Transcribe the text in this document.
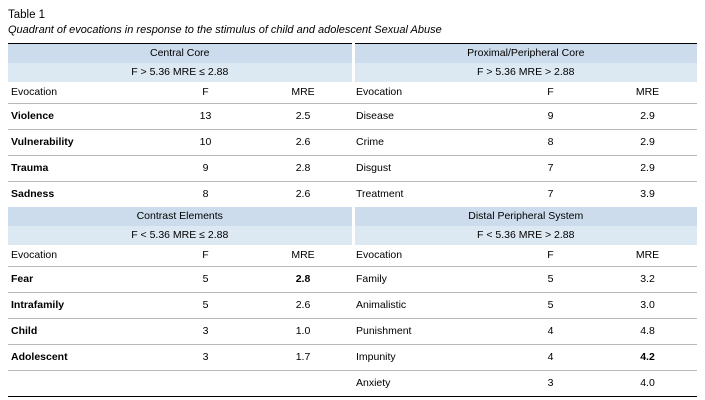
Table 1
Quadrant of evocations in response to the stimulus of child and adolescent Sexual Abuse
Central Core			Proximal/Peripheral Core		
F > 5.36 MRE ≤ 2.88			F > 5.36 MRE > 2.88		
Evocation	F	MRE	Evocation	F	MRE
Violence	13	2.5	Disease	9	2.9
Vulnerability	10	2.6	Crime	8	2.9
Trauma	9	2.8	Disgust	7	2.9
Sadness	8	2.6	Treatment	7	3.9
Contrast Elements			Distal Peripheral System		
F < 5.36 MRE ≤ 2.88			F < 5.36 MRE > 2.88		
Evocation	F	MRE	Evocation	F	MRE
Fear	5	2.8	Family	5	3.2
Intrafamily	5	2.6	Animalistic	5	3.0
Child	3	1.0	Punishment	4	4.8
Adolescent	3	1.7	Impunity	4	4.2
			Anxiety	3	4.0
